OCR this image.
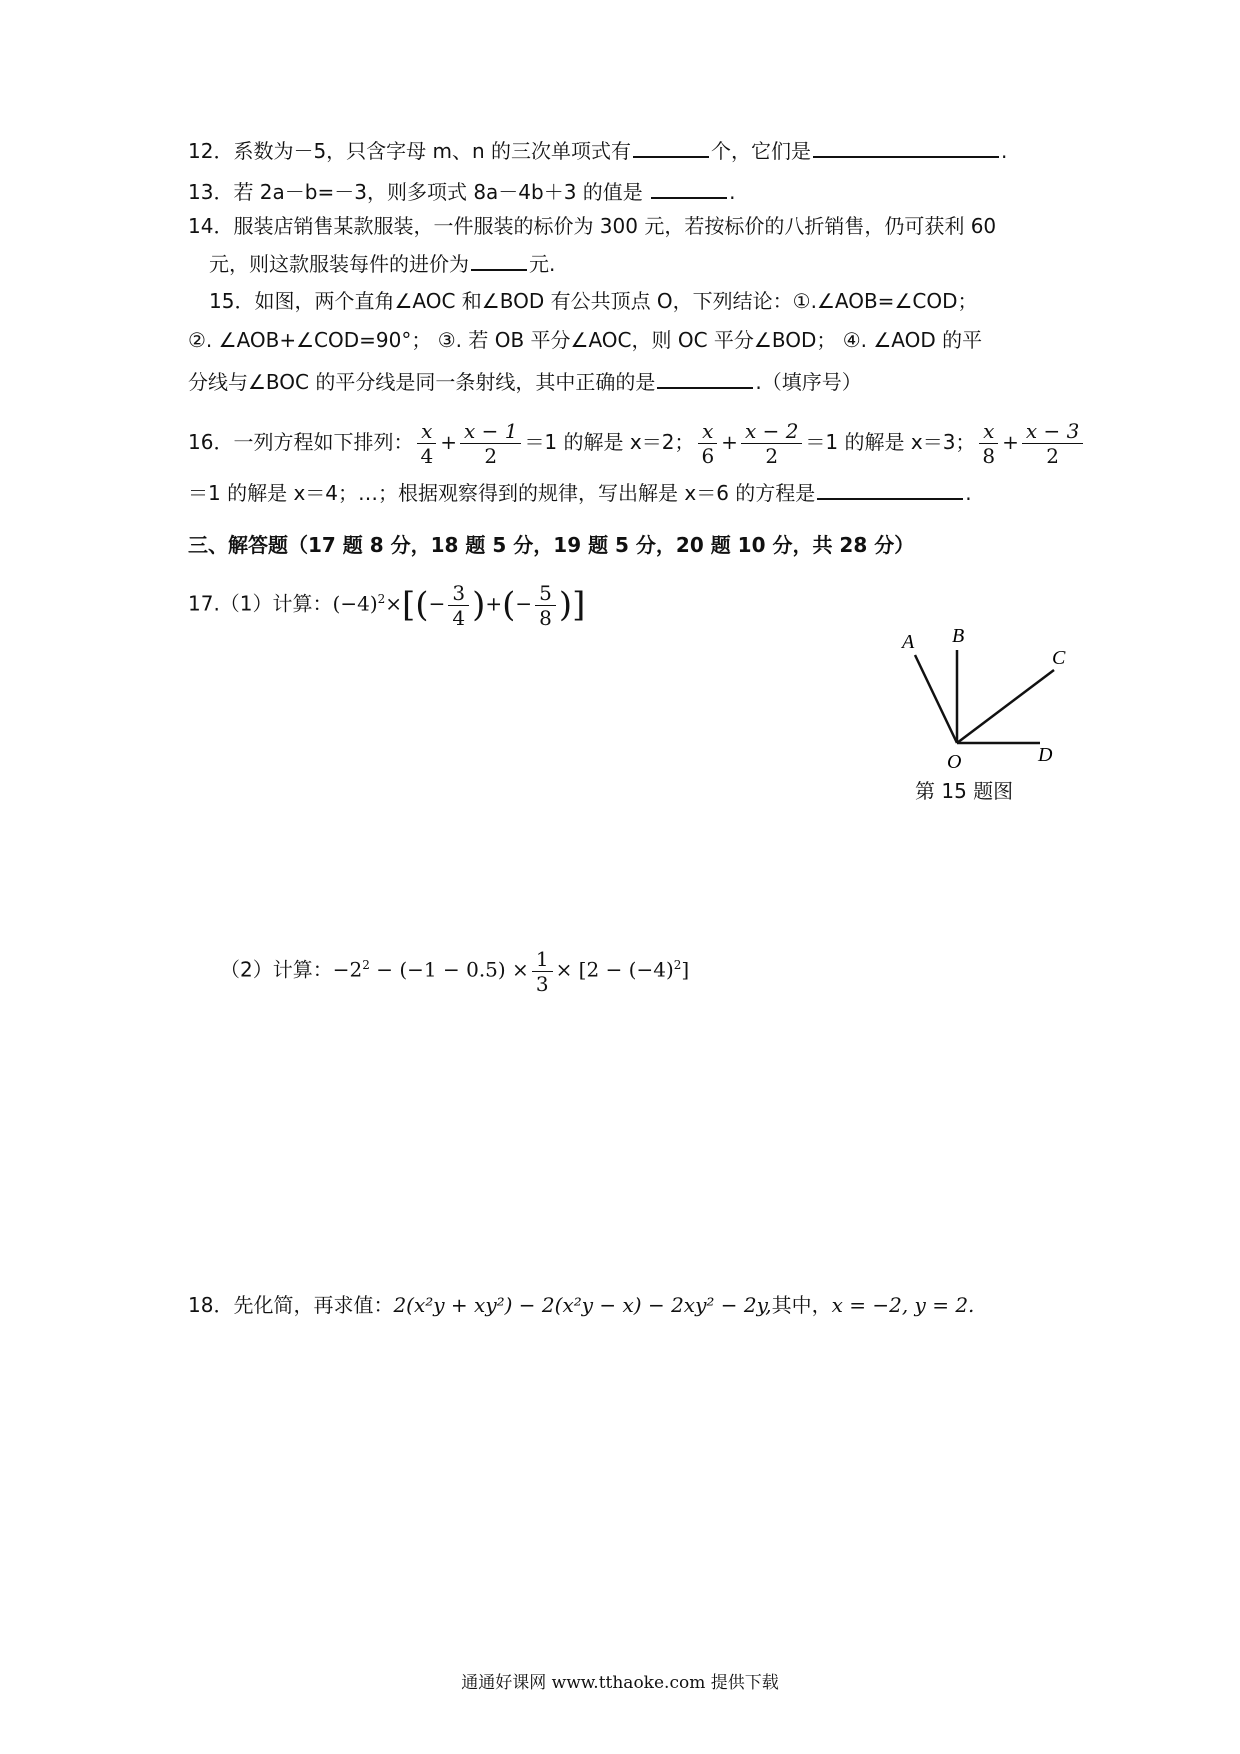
12．系数为－5，只含字母 m、n 的三次单项式有	个，它们是	.
13．若 2a－b=－3，则多项式 8a－4b＋3 的值是	.
14．服装店销售某款服装，一件服装的标价为 300 元，若按标价的八折销售，仍可获利 60
元，则这款服装每件的进价为	元.
15．如图，两个直角∠AOC 和∠BOD 有公共顶点 O，下列结论：①.∠AOB=∠COD；
②. ∠AOB+∠COD=90°； ③. 若 OB 平分∠AOC，则 OC 平分∠BOD； ④. ∠AOD 的平
分线与∠BOC 的平分线是同一条射线，其中正确的是	.（填序号）
16．一列方程如下排列： $\frac{x}{4} + \frac{x - 1}{2} =1$ 的解是 x＝2； $\frac{x}{6} + \frac{x - 2}{2} =1$ 的解是 x＝3； $\frac{x}{8} + \frac{x - 3}{2}$
＝1 的解是 x＝4；…；根据观察得到的规律，写出解是 x＝6 的方程是	.
三、解答题（17 题 8 分，18 题 5 分，19 题 5 分，20 题 10 分，共 28 分）
17.（1）计算：$(-4)^2\times[(- \frac{3}{4}$ )+(− $\frac{5}{8}$ )]
A B
C
O	D
第 15 题图
（2）计算：$-2^2 - (-1 - 0.5) \times \frac{1}{3} \times [2 - (-4)^2]$
18．先化简，再求值：2(x²y + xy²) − 2(x²y − x) − 2xy² − 2y,其中，x = −2, y = 2.
通通好课网 www.tthaoke.com 提供下载
